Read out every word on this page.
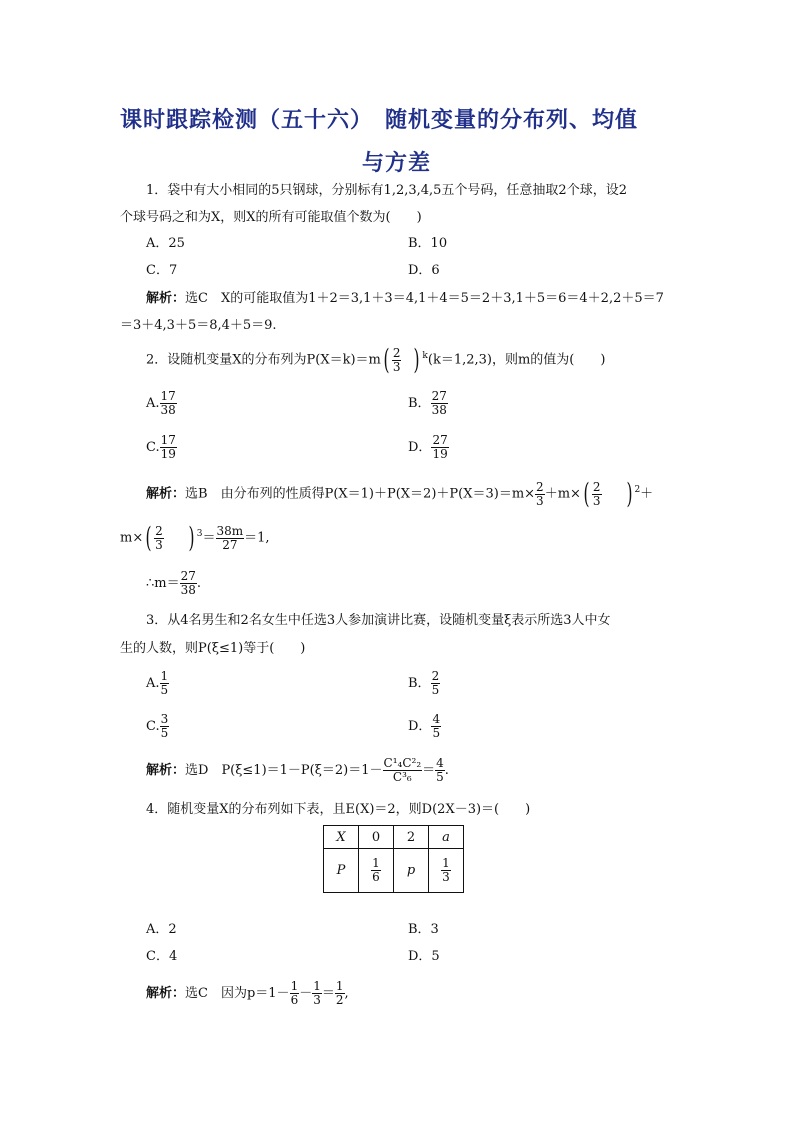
课时跟踪检测（五十六）　随机变量的分布列、均值
与方差
1．袋中有大小相同的5只钢球，分别标有1,2,3,4,5五个号码，任意抽取2个球，设2
个球号码之和为X，则X的所有可能取值个数为(　　)
A．25	B．10
C．7	D．6
解析：选C　X的可能取值为1＋2＝3,1＋3＝4,1＋4＝5＝2＋3,1＋5＝6＝4＋2,2＋5＝7
＝3＋4,3＋5＝8,4＋5＝9.
2．设随机变量X的分布列为$P(X=k)=m( \frac{2}{3}$ ) $^k$(k＝1,2,3)，则m的值为(　　)
A. $\frac{17}{38}$	B． $\frac{27}{38}$
C. $\frac{17}{19}$	D． $\frac{27}{19}$
解析：选B　由分布列的性质得$P(X=1)+P(X=2)+P(X=3)=m\times \frac{2}{3} +m\times( \frac{2}{3}$ ) $^2$＋
$m\times( \frac{2}{3}$ ) $^3= \frac{38m}{27} =1$,
∴m＝ $\frac{27}{38}$ .
3．从4名男生和2名女生中任选3人参加演讲比赛，设随机变量ξ表示所选3人中女
生的人数，则P(ξ≤1)等于(　　)
A. $\frac{1}{5}$	B． $\frac{2}{5}$
C. $\frac{3}{5}$	D． $\frac{4}{5}$
解析：选D　$P(\xi\le 1)=1-P(\xi=2)=1- \frac{\text{C¹₄C²₂}}{\text{C³₆}} = \frac{4}{5}$ .
4．随机变量X的分布列如下表，且E(X)＝2，则D(2X－3)＝(　　)
X	0	2	a
P	$\frac{1}{6}$	p	$\frac{1}{3}$
A．2	B．3
C．4	D．5
解析：选C　因为$p=1- \frac{1}{6} - \frac{1}{3} = \frac{1}{2}$ ,
